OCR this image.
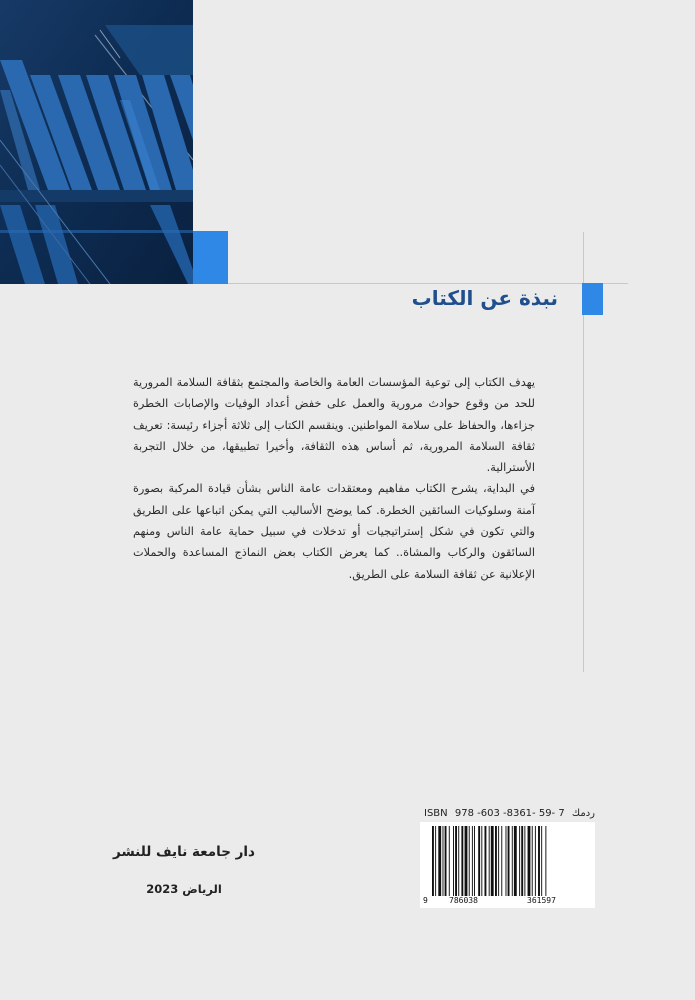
نبذة عن الكتاب

يهدف الكتاب إلى توعية المؤسسات العامة والخاصة والمجتمع بثقافة السلامة المرورية للحد من وقوع حوادث مرورية والعمل على خفض أعداد الوفيات والإصابات الخطرة جزاءها، والحفاظ على سلامة المواطنين. وينقسم الكتاب إلى ثلاثة أجزاء رئيسة: تعريف ثقافة السلامة المرورية، ثم أساس هذه الثقافة، وأخيرا تطبيقها، من خلال التجربة الأسترالية.

في البداية، يشرح الكتاب مفاهيم ومعتقدات عامة الناس بشأن قيادة المركبة بصورة آمنة وسلوكيات السائقين الخطرة. كما يوضح الأساليب التي يمكن اتباعها على الطريق والتي تكون في شكل إستراتيجيات أو تدخلات في سبيل حماية عامة الناس ومنهم السائقون والركاب والمشاة.. كما يعرض الكتاب بعض النماذج المساعدة والحملات الإعلانية عن ثقافة السلامة على الطريق.

ISBN 978 -603 -8361- 59- 7 ردمك
9	786038	361597
دار جامعة نايف للنشر
الرياض 2023
